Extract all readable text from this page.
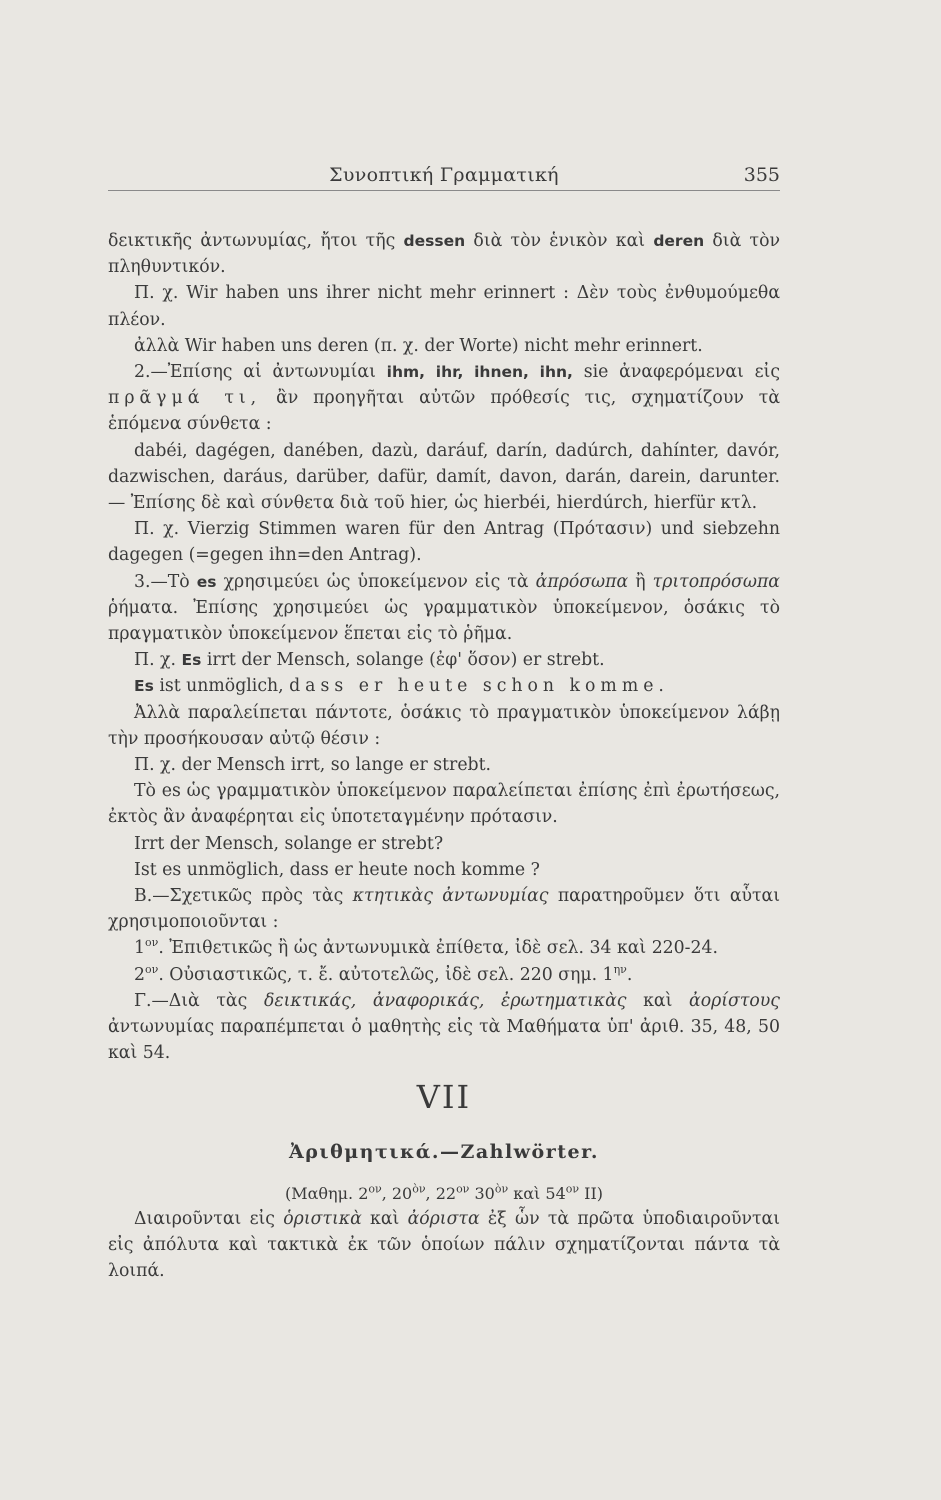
Συνοπτική Γραμματική	355

δεικτικῆς ἀντωνυμίας, ἤτοι τῆς dessen διὰ τὸν ἑνικὸν καὶ deren διὰ τὸν πληθυντικόν.

Π. χ. Wir haben uns ihrer nicht mehr erinnert : Δὲν τοὺς ἐνθυμούμεθα πλέον.

ἀλλὰ Wir haben uns deren (π. χ. der Worte) nicht mehr erinnert.

2.—Ἐπίσης αἱ ἀντωνυμίαι ihm, ihr, ihnen, ihn, sie ἀναφερόμεναι εἰς πρᾶγμά τι, ἂν προηγῆται αὐτῶν πρόθεσίς τις, σχηματίζουν τὰ ἑπόμενα σύνθετα :

dabéi, dagégen, danében, dazù, daráuf, darín, dadúrch, dahínter, davór, dazwischen, daráus, darüber, dafür, damít, davon, darán, darein, darunter. — Ἐπίσης δὲ καὶ σύνθετα διὰ τοῦ hier, ὡς hierbéi, hierdúrch, hierfür κτλ.

Π. χ. Vierzig Stimmen waren für den Antrag (Πρότασιν) und siebzehn dagegen (=gegen ihn=den Antrag).

3.—Τὸ es χρησιμεύει ὡς ὑποκείμενον εἰς τὰ ἀπρόσωπα ἢ τριτοπρόσωπα ῥήματα. Ἐπίσης χρησιμεύει ὡς γραμματικὸν ὑποκείμενον, ὁσάκις τὸ πραγματικὸν ὑποκείμενον ἕπεται εἰς τὸ ῥῆμα.

Π. χ. Es irrt der Mensch, solange (ἐφ' ὅσον) er strebt.

Es ist unmöglich, dass er heute schon komme.

Ἀλλὰ παραλείπεται πάντοτε, ὁσάκις τὸ πραγματικὸν ὑποκείμενον λάβῃ τὴν προσήκουσαν αὐτῷ θέσιν :

Π. χ. der Mensch irrt, so lange er strebt.

Τὸ es ὡς γραμματικὸν ὑποκείμενον παραλείπεται ἐπίσης ἐπὶ ἐρωτήσεως, ἐκτὸς ἂν ἀναφέρηται εἰς ὑποτεταγμένην πρότασιν.

Irrt der Mensch, solange er strebt?

Ist es unmöglich, dass er heute noch komme ?

B.—Σχετικῶς πρὸς τὰς κτητικὰς ἀντωνυμίας παρατηροῦμεν ὅτι αὗται χρησιμοποιοῦνται :

$1^{o\nu}$. Ἐπιθετικῶς ἢ ὡς ἀντωνυμικὰ ἐπίθετα, ἰδὲ σελ. 34 καὶ 220-24.

$2^{o\nu}$. Οὐσιαστικῶς, τ. ἔ. αὐτοτελῶς, ἰδὲ σελ. 220 σημ. $1^{\eta\nu}$.

Γ.—Διὰ τὰς δεικτικάς, ἀναφορικάς, ἐρωτηματικὰς καὶ ἀορίστους ἀντωνυμίας παραπέμπεται ὁ μαθητὴς εἰς τὰ Μαθήματα ὑπ' ἀριθ. 35, 48, 50 καὶ 54.

VII
Ἀριθμητικά.—Zahlwörter.

(Μαθημ. $2^{o\nu}$, $20^{ὸ\nu}$, $22^{o\nu}$ $30^{ὸ\nu}$ καὶ $54^{o\nu}$ II)

Διαιροῦνται εἰς ὁριστικὰ καὶ ἀόριστα ἐξ ὧν τὰ πρῶτα ὑποδιαιροῦνται εἰς ἀπόλυτα καὶ τακτικὰ ἐκ τῶν ὁποίων πάλιν σχηματίζονται πάντα τὰ λοιπά.
